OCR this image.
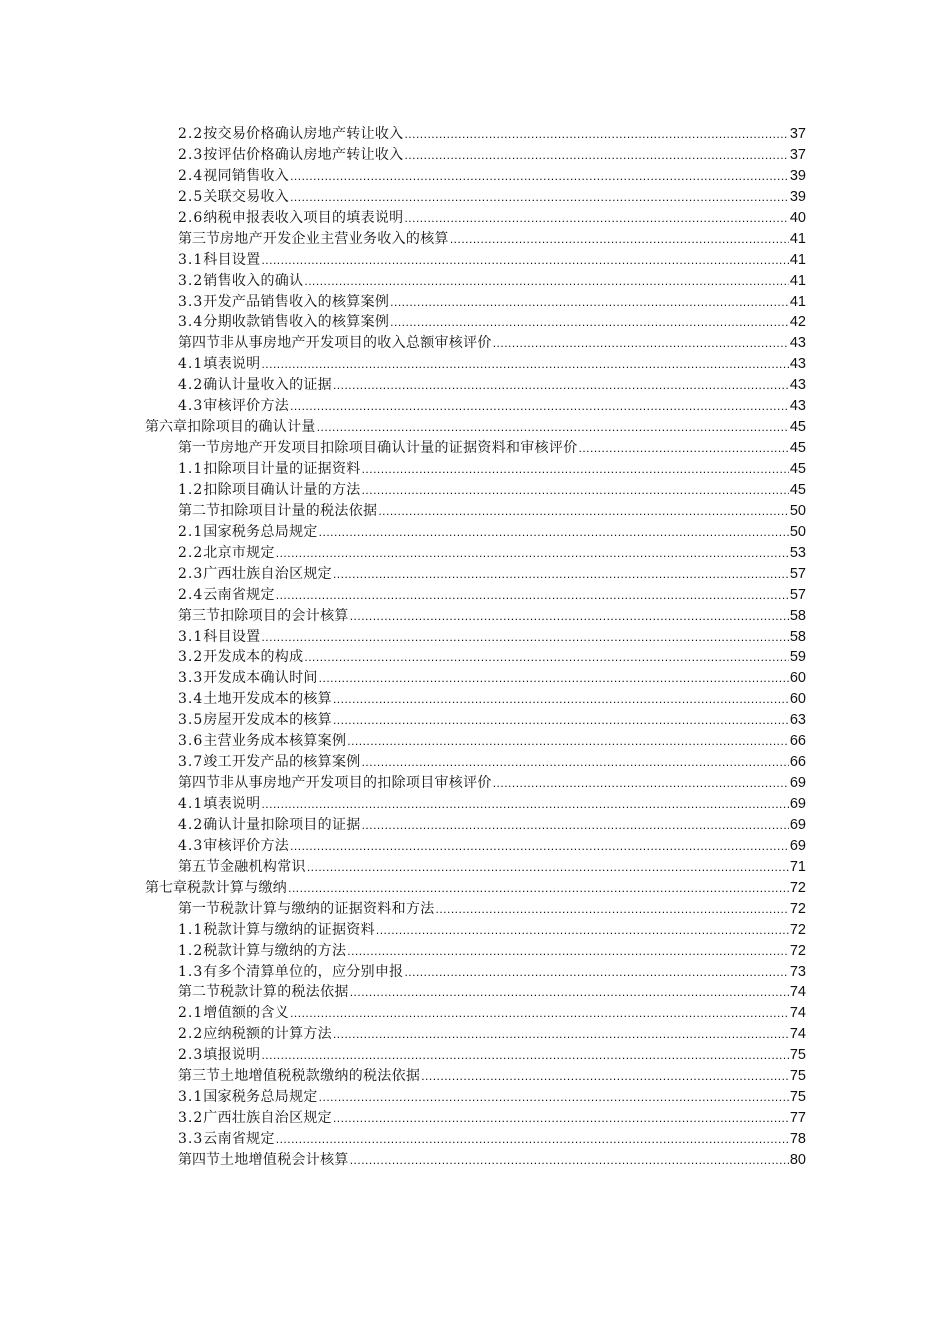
2.2 按交易价格确认房地产转让收入 .....	37
2.3 按评估价格确认房地产转让收入 .....	37
2.4 视同销售收入 .....	39
2.5 关联交易收入 .....	39
2.6 纳税申报表收入项目的填表说明 .....	40
第三节 房地产开发企业主营业务收入的核算 .....	41
3.1 科目设置 .....	41
3.2 销售收入的确认 .....	41
3.3 开发产品销售收入的核算案例 .....	41
3.4 分期收款销售收入的核算案例 .....	42
第四节 非从事房地产开发项目的收入总额审核评价 .....	43
4.1 填表说明 .....	43
4.2 确认计量收入的证据 .....	43
4.3 审核评价方法 .....	43
第六章 扣除项目的确认计量 .....	45
第一节 房地产开发项目扣除项目确认计量的证据资料和审核评价 .....	45
1.1 扣除项目计量的证据资料 .....	45
1.2 扣除项目确认计量的方法 .....	45
第二节 扣除项目计量的税法依据 .....	50
2.1 国家税务总局规定 .....	50
2.2 北京市规定 .....	53
2.3 广西壮族自治区规定 .....	57
2.4 云南省规定 .....	57
第三节 扣除项目的会计核算 .....	58
3.1 科目设置 .....	58
3.2 开发成本的构成 .....	59
3.3 开发成本确认时间 .....	60
3.4 土地开发成本的核算 .....	60
3.5 房屋开发成本的核算 .....	63
3.6 主营业务成本核算案例 .....	66
3.7 竣工开发产品的核算案例 .....	66
第四节 非从事房地产开发项目的扣除项目审核评价 .....	69
4.1 填表说明 .....	69
4.2 确认计量扣除项目的证据 .....	69
4.3 审核评价方法 .....	69
第五节 金融机构常识 .....	71
第七章 税款计算与缴纳 .....	72
第一节 税款计算与缴纳的证据资料和方法 .....	72
1.1 税款计算与缴纳的证据资料 .....	72
1.2 税款计算与缴纳的方法 .....	72
1.3 有多个清算单位的，应分别申报 .....	73
第二节 税款计算的税法依据 .....	74
2.1 增值额的含义 .....	74
2.2 应纳税额的计算方法 .....	74
2.3 填报说明 .....	75
第三节 土地增值税税款缴纳的税法依据 .....	75
3.1 国家税务总局规定 .....	75
3.2 广西壮族自治区规定 .....	77
3.3 云南省规定 .....	78
第四节 土地增值税会计核算 .....	80
